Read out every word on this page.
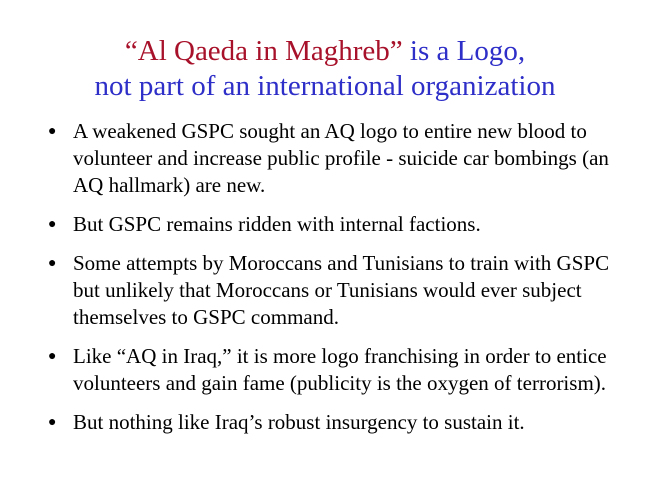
“Al Qaeda in Maghreb” is a Logo,
not part of an international organization
● A weakened GSPC sought an AQ logo to entire new blood to volunteer and increase public profile - suicide car bombings (an AQ hallmark) are new.
● But GSPC remains ridden with internal factions.
● Some attempts by Moroccans and Tunisians to train with GSPC but unlikely that Moroccans or Tunisians would ever subject themselves to GSPC command.
● Like “AQ in Iraq,” it is more logo franchising in order to entice volunteers and gain fame (publicity is the oxygen of terrorism).
● But nothing like Iraq’s robust insurgency to sustain it.
